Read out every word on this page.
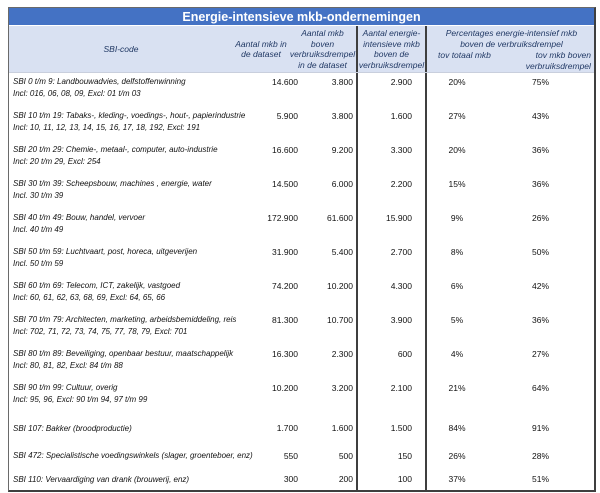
Energie-intensieve mkb-ondernemingen
SBI-code
Aantal mkb in de dataset
Aantal mkb boven verbruiksdrempel in de dataset
Aantal energie-intensieve mkb boven de verbruiksdrempel
Percentages energie-intensief mkb boven de verbruiksdrempel
tov totaal mkb	tov mkb boven verbruiksdrempel
SBI 0 t/m 9: Landbouwadvies, delfstoffenwinning
Incl: 016, 06, 08, 09, Excl: 01 t/m 03
14.600	3.800	2.900	20%	75%
SBI 10 t/m 19: Tabaks-, kleding-, voedings-, hout-, papierindustrie
Incl: 10, 11, 12, 13, 14, 15, 16, 17, 18, 192, Excl: 191
5.900	3.800	1.600	27%	43%
SBI 20 t/m 29: Chemie-, metaal-, computer, auto-industrie
Incl: 20 t/m 29, Excl: 254
16.600	9.200	3.300	20%	36%
SBI 30 t/m 39: Scheepsbouw, machines , energie, water
Incl. 30 t/m 39
14.500	6.000	2.200	15%	36%
SBI 40 t/m 49: Bouw, handel, vervoer
Incl. 40 t/m 49
172.900	61.600	15.900	9%	26%
SBI 50 t/m 59: Luchtvaart, post, horeca, uitgeverijen
Incl. 50 t/m 59
31.900	5.400	2.700	8%	50%
SBI 60 t/m 69: Telecom, ICT, zakelijk, vastgoed
Incl: 60, 61, 62, 63, 68, 69, Excl: 64, 65, 66
74.200	10.200	4.300	6%	42%
SBI 70 t/m 79: Architecten, marketing, arbeidsbemiddeling, reis
Incl: 702, 71, 72, 73, 74, 75, 77, 78, 79, Excl: 701
81.300	10.700	3.900	5%	36%
SBI 80 t/m 89: Beveiliging, openbaar bestuur, maatschappelijk
Incl: 80, 81, 82, Excl: 84 t/m 88
16.300	2.300	600	4%	27%
SBI 90 t/m 99: Cultuur, overig
Incl: 95, 96, Excl: 90 t/m 94, 97 t/m 99
10.200	3.200	2.100	21%	64%
SBI 107: Bakker (broodproductie)	1.700	1.600	1.500	84%	91%
SBI 472: Specialistische voedingswinkels (slager, groenteboer, enz)	550	500	150	26%	28%
SBI 110: Vervaardiging van drank (brouwerij, enz)	300	200	100	37%	51%
